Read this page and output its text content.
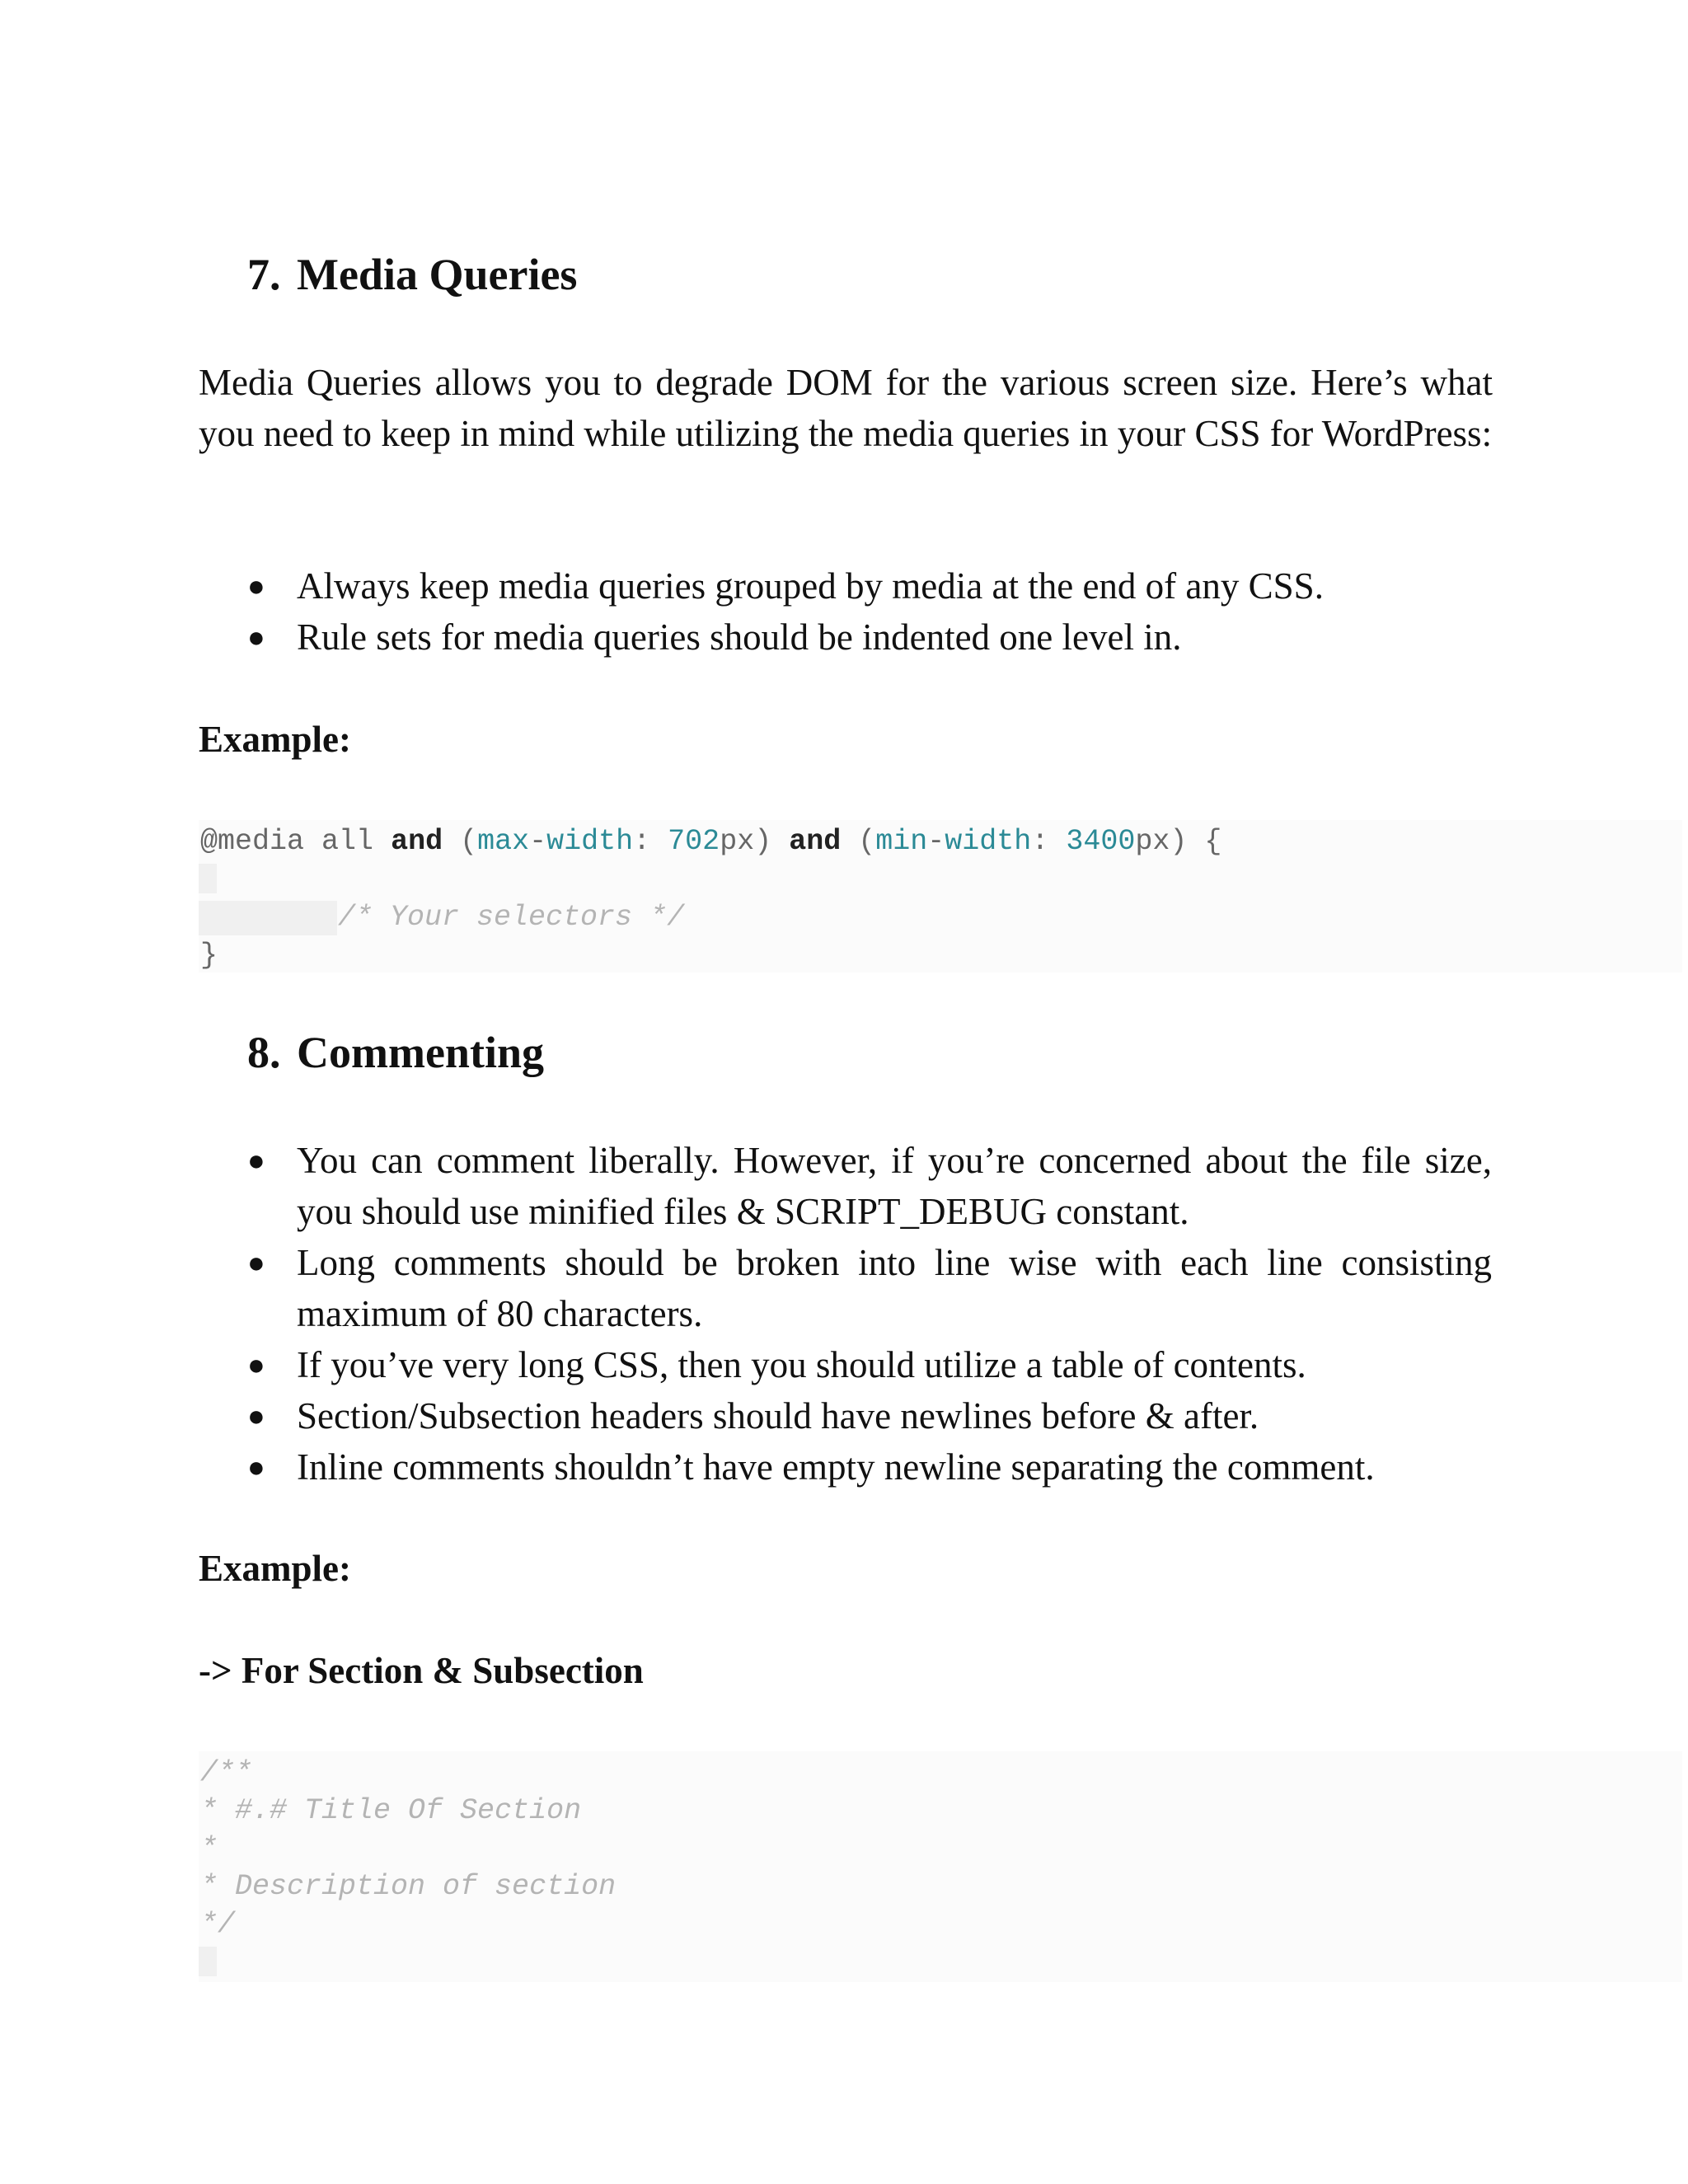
7. Media Queries
Media Queries allows you to degrade DOM for the various screen size. Here’s what you need to keep in mind while utilizing the media queries in your CSS for WordPress:
● Always keep media queries grouped by media at the end of any CSS.
● Rule sets for media queries should be indented one level in.
Example:
@media all and (max-width: 702px) and (min-width: 3400px) {
/* Your selectors */
}
8. Commenting
● You can comment liberally. However, if you’re concerned about the file size, you should use minified files & SCRIPT_DEBUG constant.
● Long comments should be broken into line wise with each line consisting maximum of 80 characters.
● If you’ve very long CSS, then you should utilize a table of contents.
● Section/Subsection headers should have newlines before & after.
● Inline comments shouldn’t have empty newline separating the comment.
Example:
-> For Section & Subsection
/**
* #.# Title Of Section
*
* Description of section
*/
